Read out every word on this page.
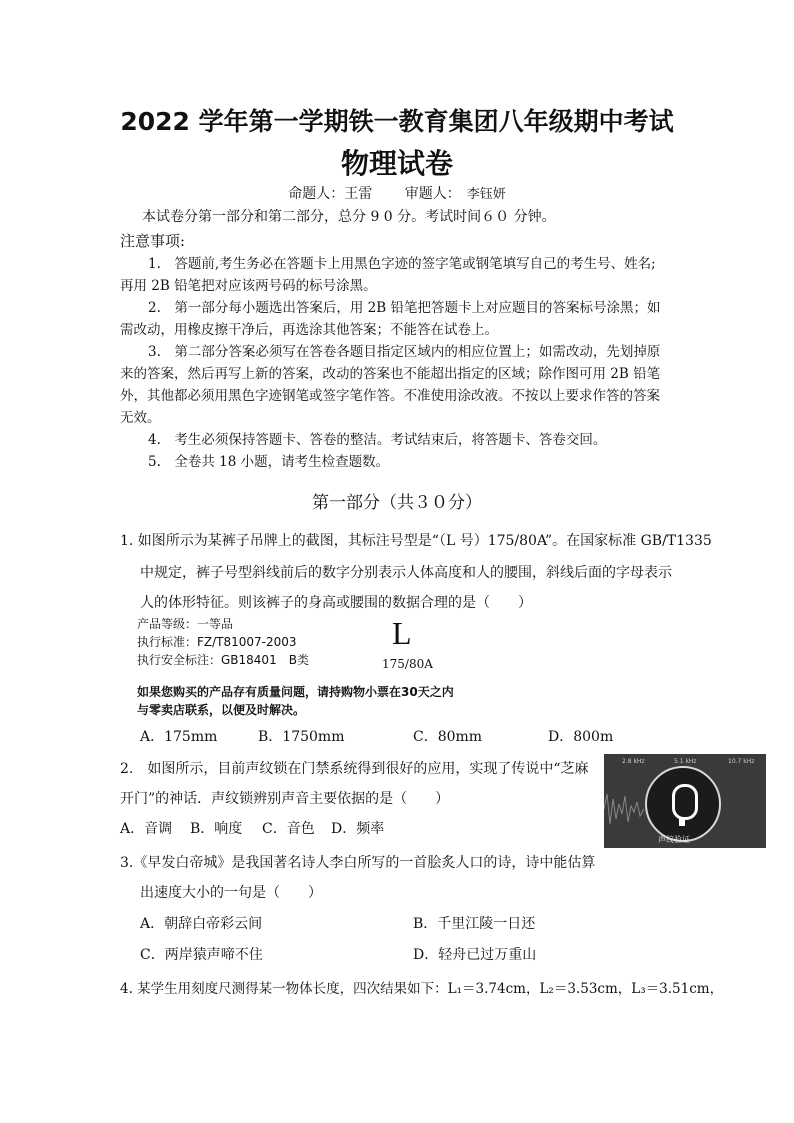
2022 学年第一学期铁一教育集团八年级期中考试
物理试卷
命题人：王雷 审题人： 李钰妍
本试卷分第一部分和第二部分，总分 9 0 分。考试时间６０ 分钟。
注意事项:
1.　答题前,考生务必在答题卡上用黑色字迹的签字笔或钢笔填写自己的考生号、姓名;
再用 2B 铅笔把对应该两号码的标号涂黑。
2.　第一部分每小题选出答案后，用 2B 铅笔把答题卡上对应题目的答案标号涂黑；如
需改动，用橡皮擦干净后，再选涂其他答案；不能答在试卷上。
3.　第二部分答案必须写在答卷各题目指定区域内的相应位置上；如需改动，先划掉原
来的答案，然后再写上新的答案，改动的答案也不能超出指定的区域；除作图可用 2B 铅笔
外，其他都必须用黑色字迹钢笔或签字笔作答。不准使用涂改液。不按以上要求作答的答案
无效。
4.　考生必须保持答题卡、答卷的整洁。考试结束后，将答题卡、答卷交回。
5.　全卷共 18 小题，请考生检查题数。
第一部分（共３０分）
1. 如图所示为某裤子吊牌上的截图，其标注号型是“（L 号）175/80A”。在国家标准 GB/T1335
中规定，裤子号型斜线前后的数字分别表示人体高度和人的腰围，斜线后面的字母表示
人的体形特征。则该裤子的身高或腰围的数据合理的是（　　）
产品等级：一等品
执行标准：FZ/T81007-2003
执行安全标注：GB18401　B类
L
175/80A
如果您购买的产品存有质量问题，请持购物小票在30天之内
与零卖店联系，以便及时解决。
A．175mm	B．1750mm	C．80mm	D．800m
2.　如图所示，目前声纹锁在门禁系统得到很好的应用，实现了传说中“芝麻
开门”的神话．声纹锁辨别声音主要依据的是（　　）
A．音调 B．响度 C．音色 D．频率
2.8 kHz	5.1 kHz	10.7 kHz
声纹验证
3.《早发白帝城》是我国著名诗人李白所写的一首脍炙人口的诗，诗中能估算
出速度大小的一句是（　　）
A．朝辞白帝彩云间	B．千里江陵一日还
C．两岸猿声啼不住	D．轻舟已过万重山
4. 某学生用刻度尺测得某一物体长度，四次结果如下：L₁＝3.74cm，L₂＝3.53cm，L₃＝3.51cm，
